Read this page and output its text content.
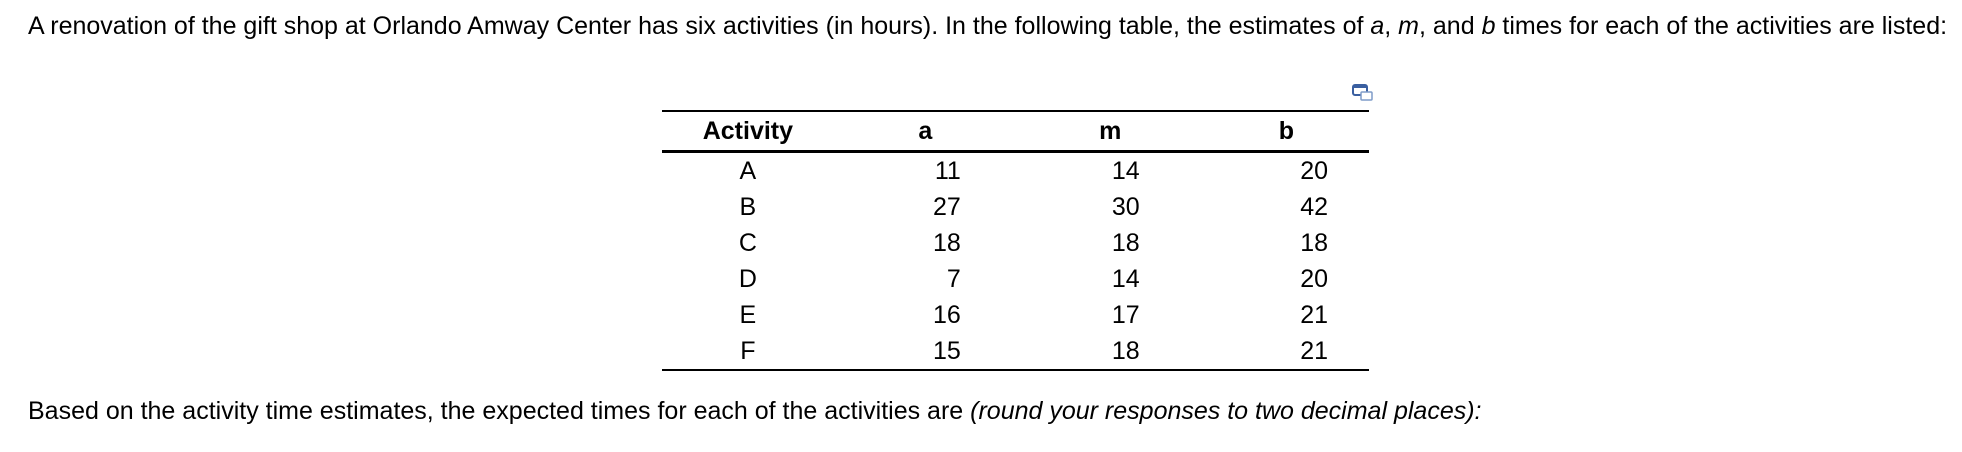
A renovation of the gift shop at Orlando Amway Center has six activities (in hours). In the following table, the estimates of a, m, and b times for each of the activities are listed:

Activity	a	m	b
A	11	14	20
B	27	30	42
C	18	18	18
D	7	14	20
E	16	17	21
F	15	18	21

Based on the activity time estimates, the expected times for each of the activities are (round your responses to two decimal places):
